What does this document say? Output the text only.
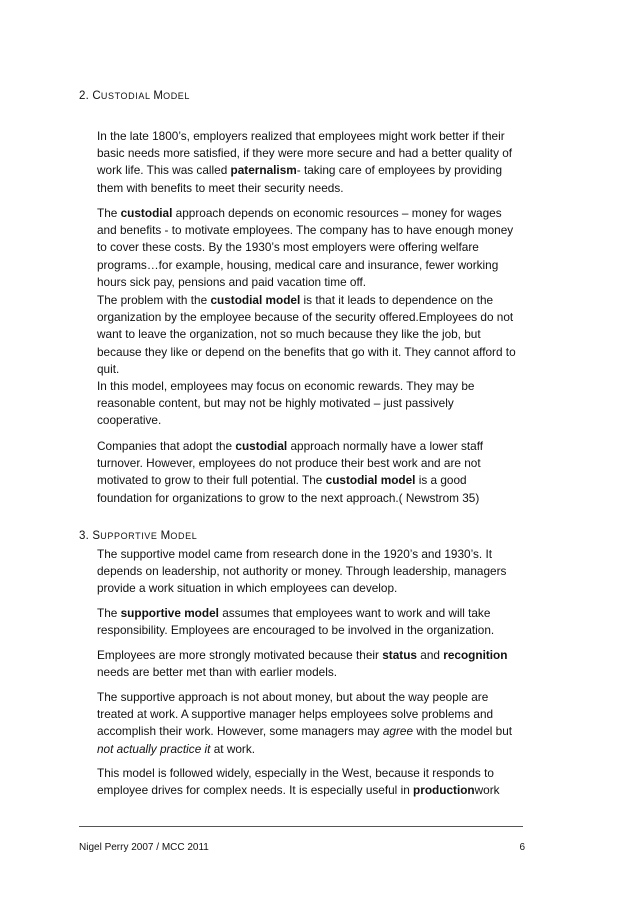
2. CUSTODIAL MODEL

In the late 1800’s, employers realized that employees might work better if their basic needs more satisfied, if they were more secure and had a better quality of work life. This was called paternalism- taking care of employees by providing them with benefits to meet their security needs.

The custodial approach depends on economic resources – money for wages and benefits - to motivate employees. The company has to have enough money to cover these costs. By the 1930’s most employers were offering welfare programs…for example, housing, medical care and insurance, fewer working hours sick pay, pensions and paid vacation time off.

The problem with the custodial model is that it leads to dependence on the organization by the employee because of the security offered.Employees do not want to leave the organization, not so much because they like the job, but because they like or depend on the benefits that go with it. They cannot afford to quit.

In this model, employees may focus on economic rewards. They may be reasonable content, but may not be highly motivated – just passively cooperative.

Companies that adopt the custodial approach normally have a lower staff turnover. However, employees do not produce their best work and are not motivated to grow to their full potential. The custodial model is a good foundation for organizations to grow to the next approach.( Newstrom 35)

3. SUPPORTIVE MODEL

The supportive model came from research done in the 1920’s and 1930’s. It depends on leadership, not authority or money. Through leadership, managers provide a work situation in which employees can develop.

The supportive model assumes that employees want to work and will take responsibility. Employees are encouraged to be involved in the organization.

Employees are more strongly motivated because their status and recognition needs are better met than with earlier models.

The supportive approach is not about money, but about the way people are treated at work. A supportive manager helps employees solve problems and accomplish their work. However, some managers may agree with the model but not actually practice it at work.

This model is followed widely, especially in the West, because it responds to employee drives for complex needs. It is especially useful in productionwork

Nigel Perry 2007 / MCC 2011	6
